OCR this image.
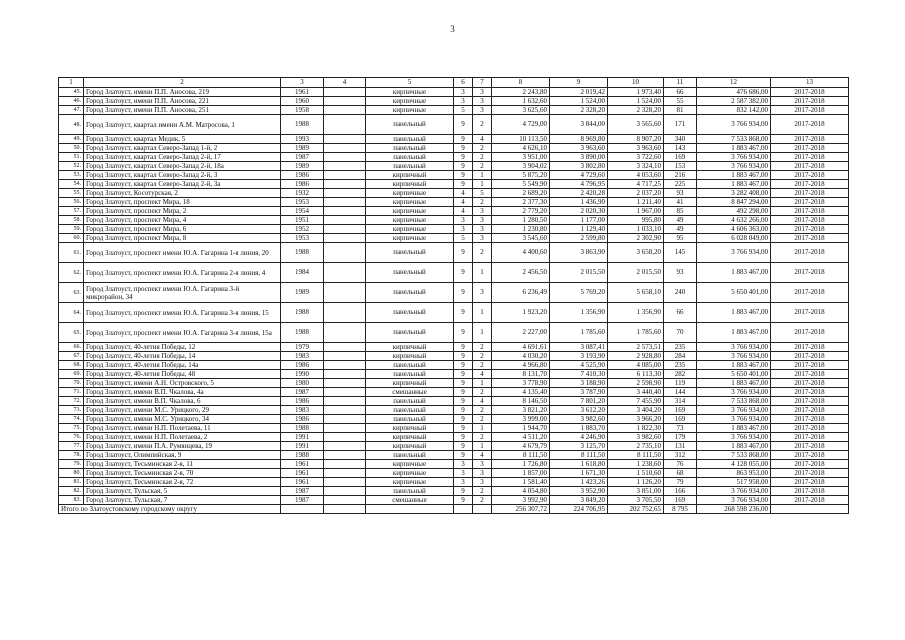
3
1	2	3	4	5	6	7	8	9	10	11	12	13
45.	Город Златоуст, имени П.П. Аносова, 219	1961		кирпичные	3	3	2 243,80	2 019,42	1 973,40	66	476 686,00	2017-2018
46.	Город Златоуст, имени П.П. Аносова, 221	1960		кирпичные	3	3	1 632,60	1 524,00	1 524,00	55	2 587 382,00	2017-2018
47.	Город Златоуст, имени П.П. Аносова, 251	1958		кирпичные	5	3	3 625,60	2 328,20	2 328,20	81	832 142,00	2017-2018
48.	Город Златоуст, квартал имени А.М. Матросова, 1	1988		панельный	9	2	4 729,00	3 844,00	3 565,60	171	3 766 934,00	2017-2018
49.	Город Златоуст, квартал Медик, 5	1993		панельный	9	4	10 113,50	8 969,80	8 907,20	340	7 533 868,00	2017-2018
50.	Город Златоуст, квартал Северо-Запад 1-й, 2	1989		панельный	9	2	4 626,10	3 963,60	3 963,60	143	1 883 467,00	2017-2018
51.	Город Златоуст, квартал Северо-Запад 2-й, 17	1987		панельный	9	2	3 951,00	3 890,00	3 722,60	169	3 766 934,00	2017-2018
52.	Город Златоуст, квартал Северо-Запад 2-й, 18а	1989		панельный	9	2	3 904,02	3 802,80	3 324,10	153	3 766 934,00	2017-2018
53.	Город Златоуст, квартал Северо-Запад 2-й, 3	1986		кирпичный	9	1	5 875,20	4 729,60	4 053,60	216	1 883 467,00	2017-2018
54.	Город Златоуст, квартал Северо-Запад 2-й, 3а	1986		кирпичный	9	1	5 549,90	4 796,95	4 717,25	225	1 883 467,00	2017-2018
55.	Город Златоуст, Косотурская, 2	1932		кирпичные	4	5	2 689,20	2 420,28	2 037,20	93	3 282 408,00	2017-2018
56.	Город Златоуст, проспект Мира, 18	1953		кирпичные	4	2	2 377,30	1 436,90	1 211,40	41	8 847 294,00	2017-2018
57.	Город Златоуст, проспект Мира, 2	1954		кирпичные	4	3	2 779,20	2 020,30	1 967,00	85	492 298,00	2017-2018
58.	Город Златоуст, проспект Мира, 4	1951		кирпичные	3	3	1 280,50	1 177,00	995,80	49	4 632 266,00	2017-2018
59.	Город Златоуст, проспект Мира, 6	1952		кирпичные	3	3	1 230,80	1 129,40	1 033,10	49	4 606 363,00	2017-2018
60.	Город Златоуст, проспект Мира, 8	1953		кирпичные	5	3	3 545,60	2 599,80	2 302,90	95	6 028 049,00	2017-2018
61.	Город Златоуст, проспект имени Ю.А. Гагарина 1-я линия, 20	1988		панельный	9	2	4 400,60	3 863,90	3 658,20	145	3 766 934,00	2017-2018
62.	Город Златоуст, проспект имени Ю.А. Гагарина 2-я линия, 4	1984		панельный	9	1	2 456,50	2 015,50	2 015,50	93	1 883 467,00	2017-2018
63.	Город Златоуст, проспект имени Ю.А. Гагарина 3-й микрорайон, 34	1989		панельный	9	3	6 236,49	5 769,20	5 658,10	240	5 650 401,00	2017-2018
64.	Город Златоуст, проспект имени Ю.А. Гагарина 3-я линия, 15	1988		панельный	9	1	1 923,20	1 356,90	1 356,90	66	1 883 467,00	2017-2018
65.	Город Златоуст, проспект имени Ю.А. Гагарина 3-я линия, 15а	1988		панельный	9	1	2 227,00	1 785,60	1 785,60	70	1 883 467,00	2017-2018
66.	Город Златоуст, 40-летия Победы, 12	1979		кирпичный	9	2	4 691,61	3 087,41	2 573,51	235	3 766 934,00	2017-2018
67.	Город Златоуст, 40-летия Победы, 14	1983		кирпичный	9	2	4 030,20	3 193,90	2 928,80	284	3 766 934,00	2017-2018
68.	Город Златоуст, 40-летия Победы, 14а	1986		панельный	9	2	4 966,80	4 525,90	4 085,00	235	1 883 467,00	2017-2018
69.	Город Златоуст, 40-летия Победы, 48	1990		панельный	9	4	8 131,70	7 410,30	6 113,30	282	5 650 401,00	2017-2018
70.	Город Златоуст, имени А.Н. Островского, 5	1980		кирпичный	9	1	3 778,90	3 188,90	2 598,90	119	1 883 467,00	2017-2018
71.	Город Златоуст, имени В.П. Чкалова, 4а	1987		смешанные	9	2	4 135,40	3 787,90	3 440,40	144	3 766 934,00	2017-2018
72.	Город Златоуст, имени В.П. Чкалова, 6	1986		панельный	9	4	8 146,50	7 801,20	7 455,90	314	7 533 868,00	2017-2018
73.	Город Златоуст, имени М.С. Урицкого, 29	1983		панельный	9	2	3 821,20	3 612,20	3 404,20	169	3 766 934,00	2017-2018
74.	Город Златоуст, имени М.С. Урицкого, 34	1986		панельный	9	2	3 999,00	3 982,60	3 966,20	169	3 766 934,00	2017-2018
75.	Город Златоуст, имени Н.П. Полетаева, 11	1988		кирпичный	9	1	1 944,70	1 883,70	1 822,30	73	1 883 467,00	2017-2018
76.	Город Златоуст, имени Н.П. Полетаева, 2	1991		кирпичный	9	2	4 511,20	4 246,90	3 982,60	179	3 766 934,00	2017-2018
77.	Город Златоуст, имени П.А. Румянцева, 19	1991		кирпичный	9	1	4 679,79	3 125,70	2 735,10	131	1 883 467,00	2017-2018
78.	Город Златоуст, Олимпийская, 9	1988		панельный	9	4	8 111,50	8 111,50	8 111,50	312	7 533 868,00	2017-2018
79.	Город Златоуст, Тесьминская 2-я, 11	1961		кирпичные	3	3	1 726,80	1 618,80	1 238,60	76	4 128 055,00	2017-2018
80.	Город Златоуст, Тесьминская 2-я, 70	1961		кирпичные	3	3	1 857,00	1 671,30	1 510,60	68	863 953,00	2017-2018
81.	Город Златоуст, Тесьминская 2-я, 72	1961		кирпичные	3	3	1 581,40	1 423,26	1 126,20	79	517 958,00	2017-2018
82.	Город Златоуст, Тульская, 5	1987		панельный	9	2	4 054,80	3 952,90	3 851,00	166	3 766 934,00	2017-2018
83.	Город Златоуст, Тульская, 7	1987		смешанные	9	2	3 992,90	3 849,20	3 705,50	169	3 766 934,00	2017-2018
Итого по Златоустовскому городскому округу							256 307,72	224 706,95	202 752,65	8 795	268 598 236,00	
